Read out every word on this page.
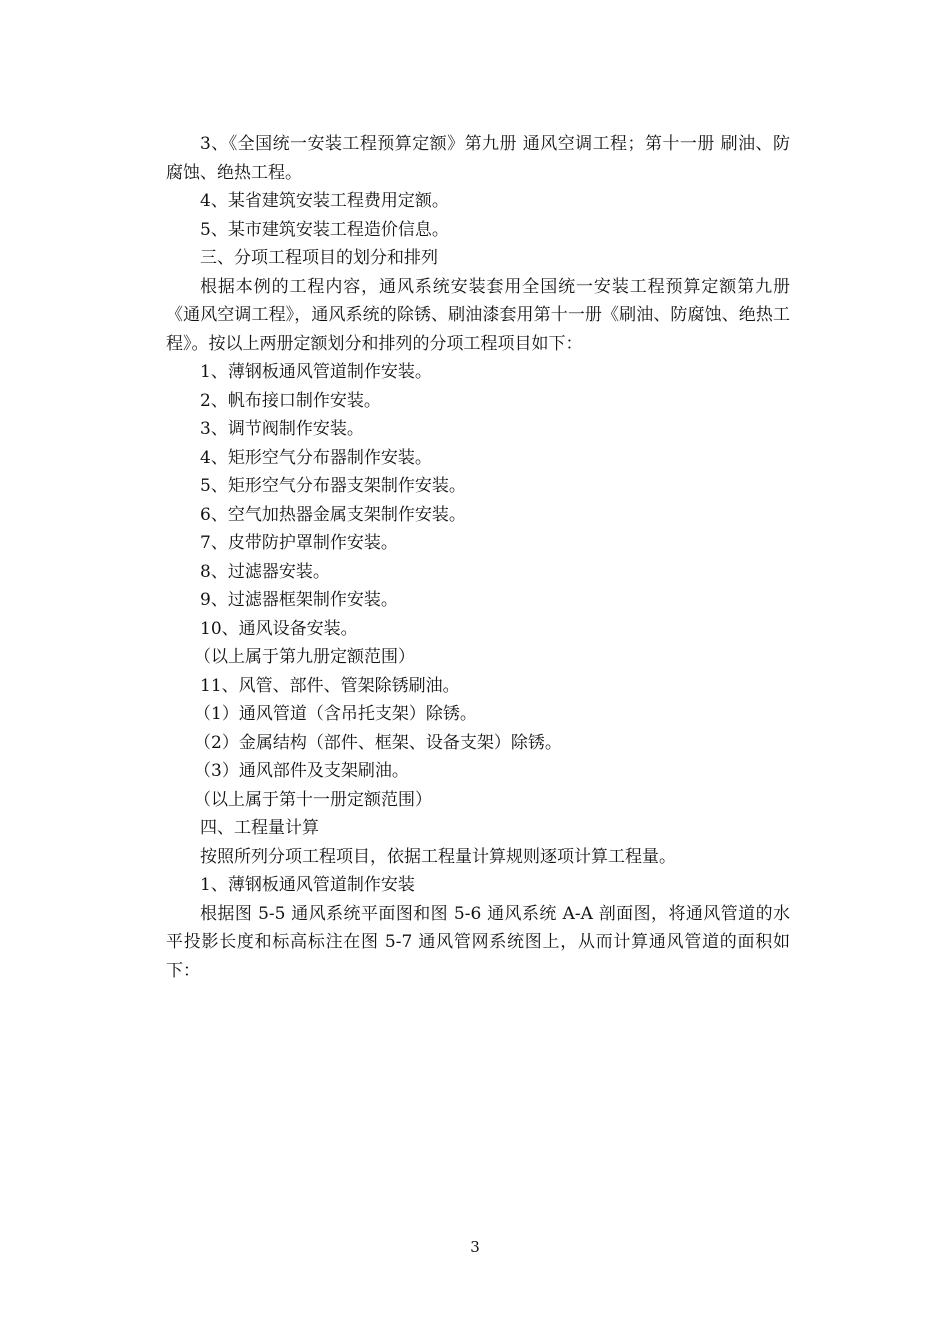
3、《全国统一安装工程预算定额》第九册 通风空调工程；第十一册 刷油、防腐蚀、绝热工程。

4、某省建筑安装工程费用定额。

5、某市建筑安装工程造价信息。

三、分项工程项目的划分和排列

根据本例的工程内容，通风系统安装套用全国统一安装工程预算定额第九册《通风空调工程》，通风系统的除锈、刷油漆套用第十一册《刷油、防腐蚀、绝热工程》。按以上两册定额划分和排列的分项工程项目如下：

1、薄钢板通风管道制作安装。

2、帆布接口制作安装。

3、调节阀制作安装。

4、矩形空气分布器制作安装。

5、矩形空气分布器支架制作安装。

6、空气加热器金属支架制作安装。

7、皮带防护罩制作安装。

8、过滤器安装。

9、过滤器框架制作安装。

10、通风设备安装。

（以上属于第九册定额范围）

11、风管、部件、管架除锈刷油。

（1）通风管道（含吊托支架）除锈。

（2）金属结构（部件、框架、设备支架）除锈。

（3）通风部件及支架刷油。

（以上属于第十一册定额范围）

四、工程量计算

按照所列分项工程项目，依据工程量计算规则逐项计算工程量。

1、薄钢板通风管道制作安装

根据图 5-5 通风系统平面图和图 5-6 通风系统 A-A 剖面图，将通风管道的水平投影长度和标高标注在图 5-7 通风管网系统图上，从而计算通风管道的面积如下：

3
